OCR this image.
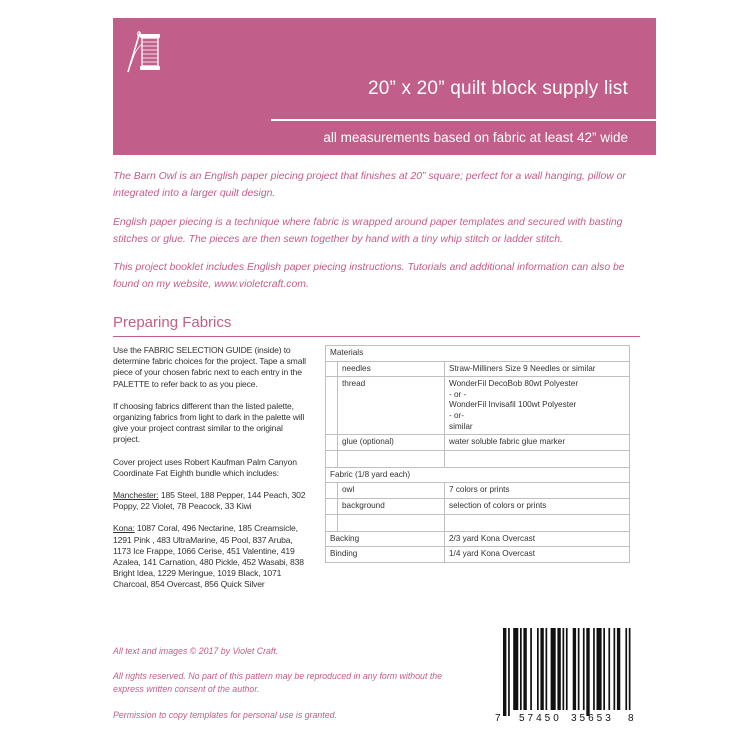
20” x 20” quilt block supply list
all measurements based on fabric at least 42” wide

The Barn Owl is an English paper piecing project that finishes at 20” square; perfect for a wall hanging, pillow or integrated into a larger quilt design.

English paper piecing is a technique where fabric is wrapped around paper templates and secured with basting stitches or glue. The pieces are then sewn together by hand with a tiny whip stitch or ladder stitch.

This project booklet includes English paper piecing instructions. Tutorials and additional information can also be found on my website, www.violetcraft.com.

Preparing Fabrics

Use the FABRIC SELECTION GUIDE (inside) to determine fabric choices for the project. Tape a small piece of your chosen fabric next to each entry in the PALETTE to refer back to as you piece.

If choosing fabrics different than the listed palette, organizing fabrics from light to dark in the palette will give your project contrast similar to the original project.

Cover project uses Robert Kaufman Palm Canyon Coordinate Fat Eighth bundle which includes:

Manchester: 185 Steel, 188 Pepper, 144 Peach, 302 Poppy, 22 Violet, 78 Peacock, 33 Kiwi

Kona: 1087 Coral, 496 Nectarine, 185 Creamsicle, 1291 Pink , 483 UltraMarine, 45 Pool, 837 Aruba, 1173 Ice Frappe, 1066 Cerise, 451 Valentine, 419 Azalea, 141 Carnation, 480 Pickle, 452 Wasabi, 838 Bright Idea, 1229 Meringue, 1019 Black, 1071 Charcoal, 854 Overcast, 856 Quick Silver

Materials		
	needles	Straw-Milliners Size 9 Needles or similar
	thread	WonderFil DecoBob 80wt Polyester
- or -
WonderFil Invisafil 100wt Polyester
- or-
similar

	glue (optional)	water soluble fabric glue marker

Fabric (1/8 yard each)		
	owl	7 colors or prints
	background	selection of colors or prints

Backing		2/3 yard Kona Overcast
Binding		1/4 yard Kona Overcast

All text and images © 2017 by Violet Craft.

All rights reserved. No part of this pattern may be reproduced in any form without the express written consent of the author.

Permission to copy templates for personal use is granted.	7 57450 35653 8
